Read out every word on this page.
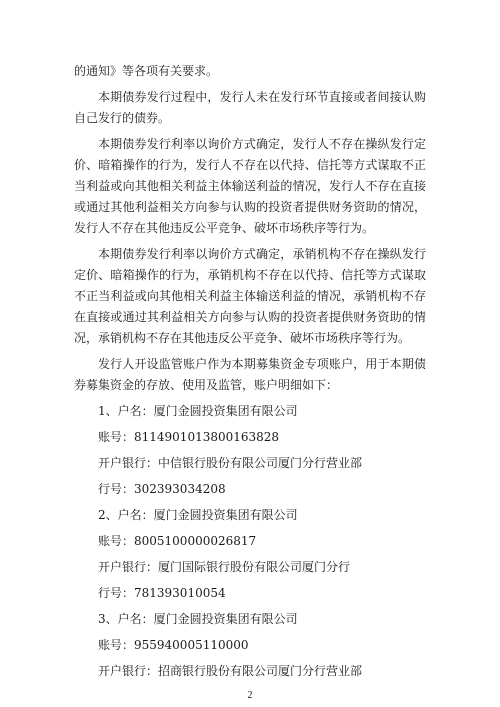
的通知》等各项有关要求。

本期债券发行过程中，发行人未在发行环节直接或者间接认购自己发行的债券。

本期债券发行利率以询价方式确定，发行人不存在操纵发行定价、暗箱操作的行为，发行人不存在以代持、信托等方式谋取不正当利益或向其他相关利益主体输送利益的情况，发行人不存在直接或通过其他利益相关方向参与认购的投资者提供财务资助的情况，发行人不存在其他违反公平竞争、破坏市场秩序等行为。

本期债券发行利率以询价方式确定，承销机构不存在操纵发行定价、暗箱操作的行为，承销机构不存在以代持、信托等方式谋取不正当利益或向其他相关利益主体输送利益的情况，承销机构不存在直接或通过其利益相关方向参与认购的投资者提供财务资助的情况，承销机构不存在其他违反公平竞争、破坏市场秩序等行为。

发行人开设监管账户作为本期募集资金专项账户，用于本期债券募集资金的存放、使用及监管，账户明细如下：

1、户名：厦门金圆投资集团有限公司

账号：8114901013800163828

开户银行：中信银行股份有限公司厦门分行营业部

行号：302393034208

2、户名：厦门金圆投资集团有限公司

账号：8005100000026817

开户银行：厦门国际银行股份有限公司厦门分行

行号：781393010054

3、户名：厦门金圆投资集团有限公司

账号：955940005110000

开户银行：招商银行股份有限公司厦门分行营业部

2
